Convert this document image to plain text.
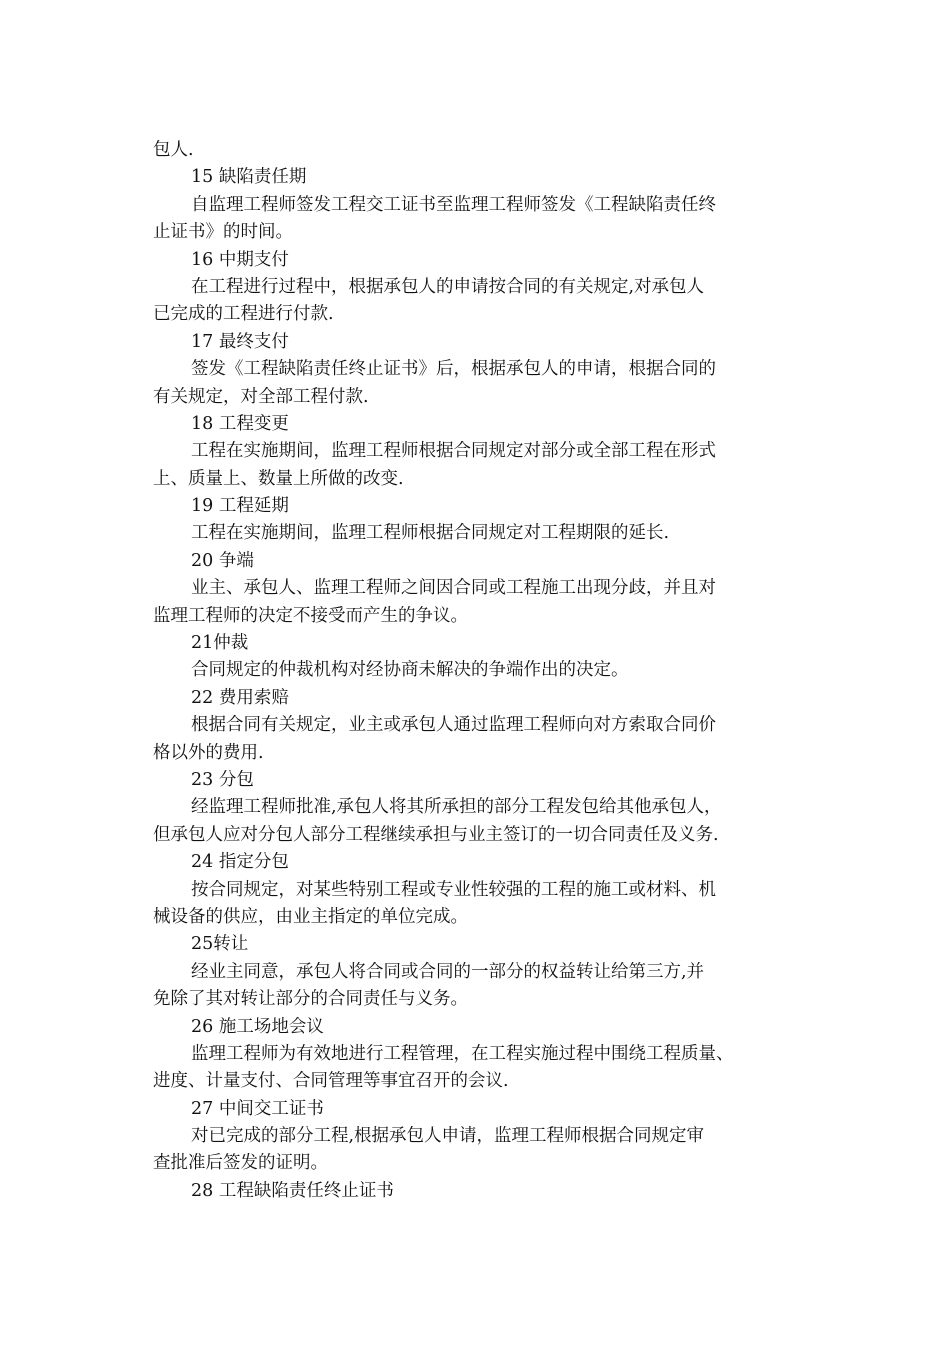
包人.
15 缺陷责任期
自监理工程师签发工程交工证书至监理工程师签发《工程缺陷责任终
止证书》的时间。
16 中期支付
在工程进行过程中，根据承包人的申请按合同的有关规定,对承包人
已完成的工程进行付款.
17 最终支付
签发《工程缺陷责任终止证书》后，根据承包人的申请，根据合同的
有关规定，对全部工程付款.
18 工程变更
工程在实施期间，监理工程师根据合同规定对部分或全部工程在形式
上、质量上、数量上所做的改变.
19 工程延期
工程在实施期间，监理工程师根据合同规定对工程期限的延长.
20 争端
业主、承包人、监理工程师之间因合同或工程施工出现分歧，并且对
监理工程师的决定不接受而产生的争议。
21仲裁
合同规定的仲裁机构对经协商未解决的争端作出的决定。
22 费用索赔
根据合同有关规定，业主或承包人通过监理工程师向对方索取合同价
格以外的费用.
23 分包
经监理工程师批准,承包人将其所承担的部分工程发包给其他承包人，
但承包人应对分包人部分工程继续承担与业主签订的一切合同责任及义务.
24 指定分包
按合同规定，对某些特别工程或专业性较强的工程的施工或材料、机
械设备的供应，由业主指定的单位完成。
25转让
经业主同意，承包人将合同或合同的一部分的权益转让给第三方,并
免除了其对转让部分的合同责任与义务。
26 施工场地会议
监理工程师为有效地进行工程管理，在工程实施过程中围绕工程质量、
进度、计量支付、合同管理等事宜召开的会议.
27 中间交工证书
对已完成的部分工程,根据承包人申请，监理工程师根据合同规定审
查批准后签发的证明。
28 工程缺陷责任终止证书
